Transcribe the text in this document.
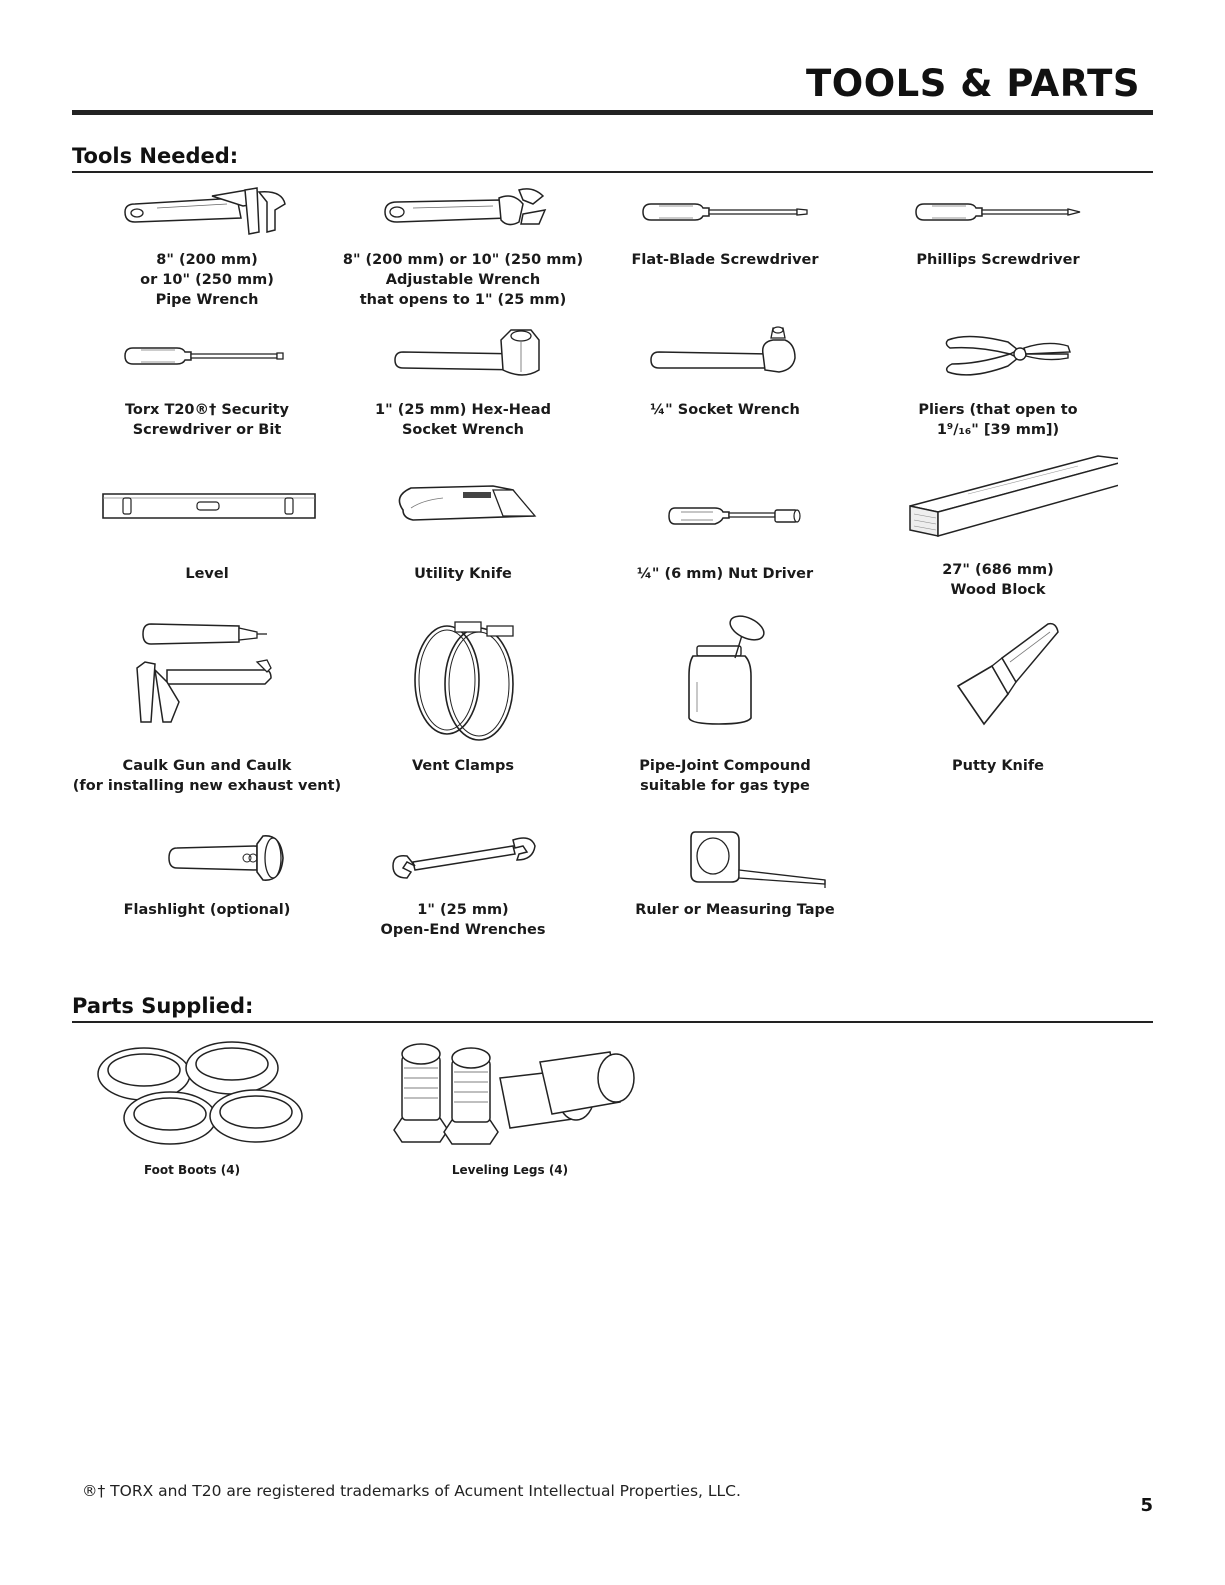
TOOLS & PARTS
Tools Needed:
8" (200 mm)
or 10" (250 mm)
Pipe Wrench
8" (200 mm) or 10" (250 mm)
Adjustable Wrench
that opens to 1" (25 mm)
Flat-Blade Screwdriver	Phillips Screwdriver
Torx T20®† Security
Screwdriver or Bit
1" (25 mm) Hex-Head
Socket Wrench
¼" Socket Wrench	Pliers (that open to
1⁹/₁₆" [39 mm])
Level	Utility Knife	¼" (6 mm) Nut Driver	27" (686 mm)
Wood Block
Caulk Gun and Caulk
(for installing new exhaust vent)
Vent Clamps	Pipe-Joint Compound
suitable for gas type
Putty Knife
Flashlight (optional)	1" (25 mm)
Open-End Wrenches
Ruler or Measuring Tape
Parts Supplied:
Foot Boots (4)	Leveling Legs (4)
®† TORX and T20 are registered trademarks of Acument Intellectual Properties, LLC.
5
